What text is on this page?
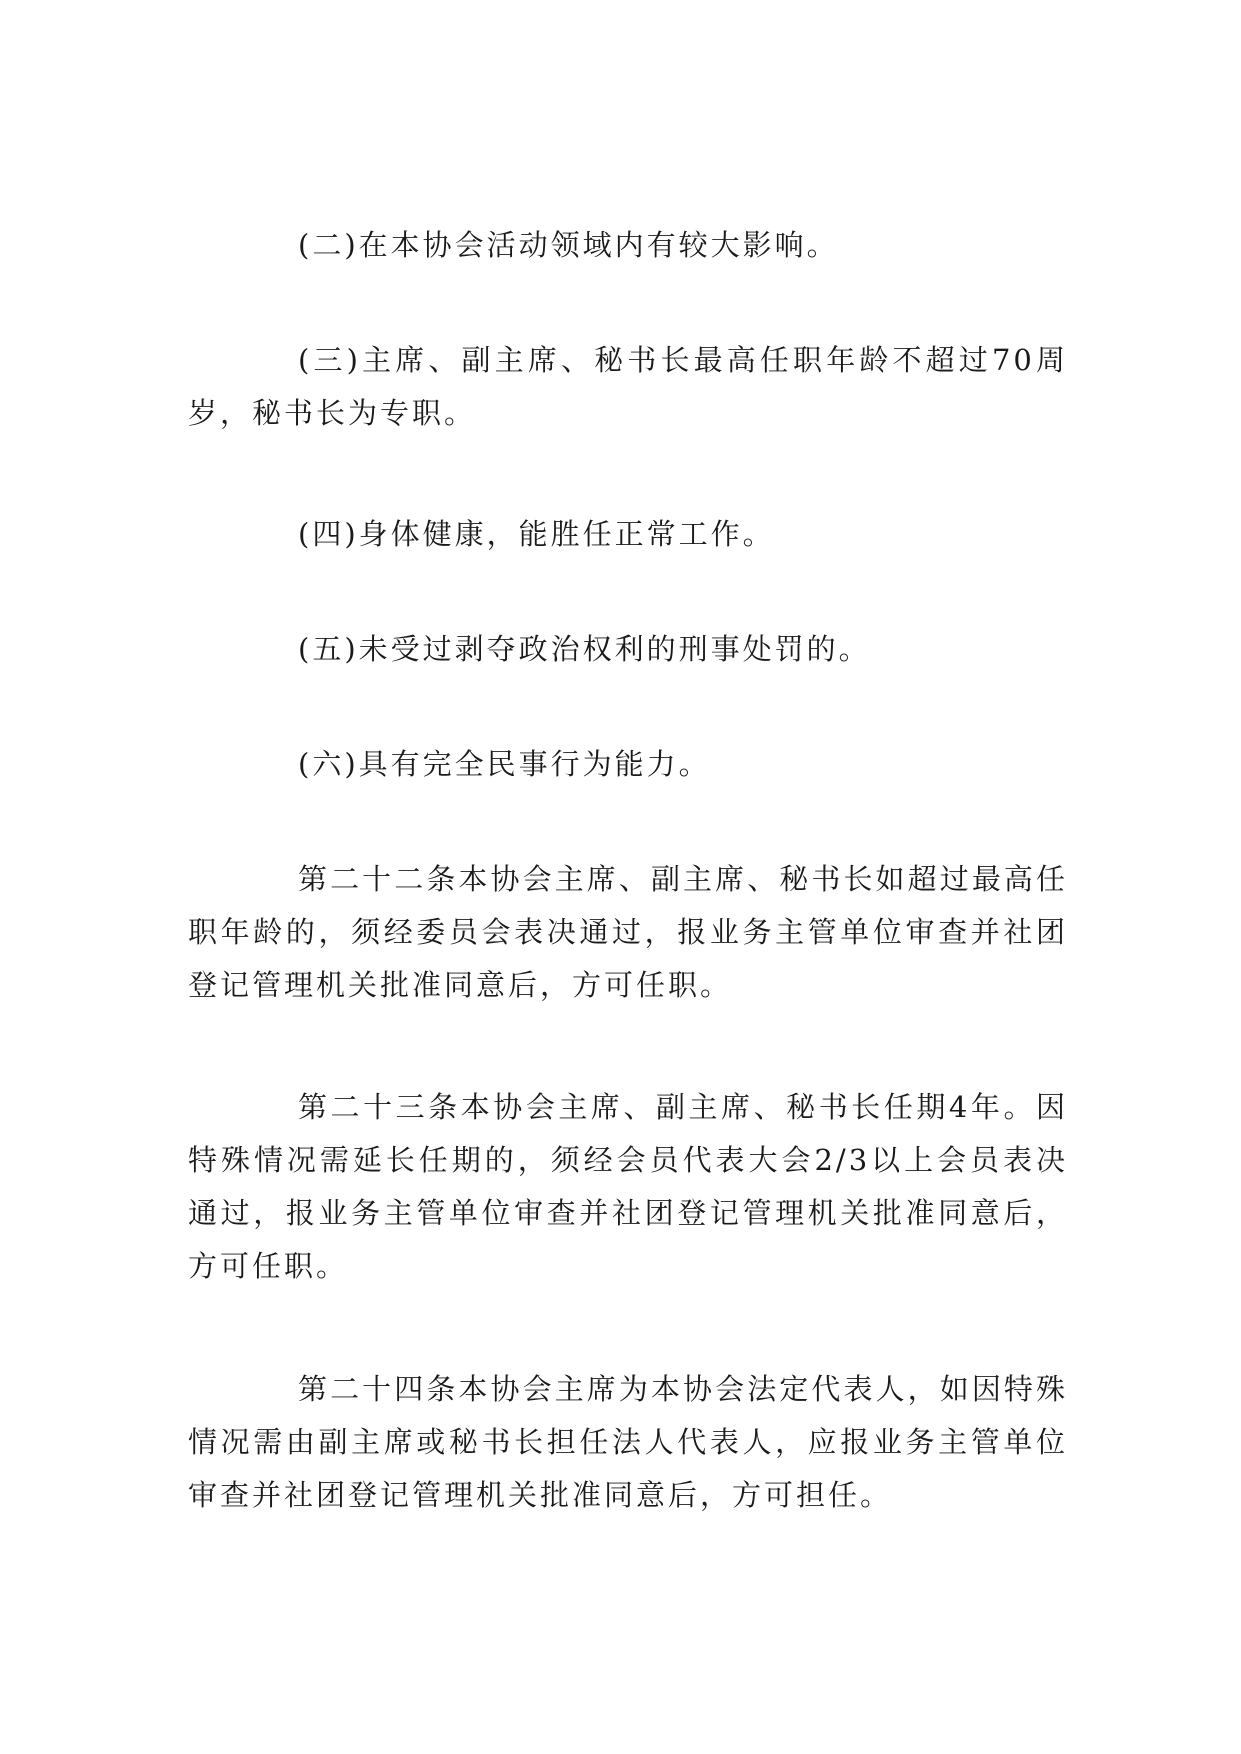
(二)在本协会活动领域内有较大影响。

(三)主席、副主席、秘书长最高任职年龄不超过70周岁，秘书长为专职。

(四)身体健康，能胜任正常工作。

(五)未受过剥夺政治权利的刑事处罚的。

(六)具有完全民事行为能力。

第二十二条本协会主席、副主席、秘书长如超过最高任职年龄的，须经委员会表决通过，报业务主管单位审查并社团登记管理机关批准同意后，方可任职。

第二十三条本协会主席、副主席、秘书长任期4年。因特殊情况需延长任期的，须经会员代表大会2/3以上会员表决通过，报业务主管单位审查并社团登记管理机关批准同意后，方可任职。

第二十四条本协会主席为本协会法定代表人，如因特殊情况需由副主席或秘书长担任法人代表人，应报业务主管单位审查并社团登记管理机关批准同意后，方可担任。
